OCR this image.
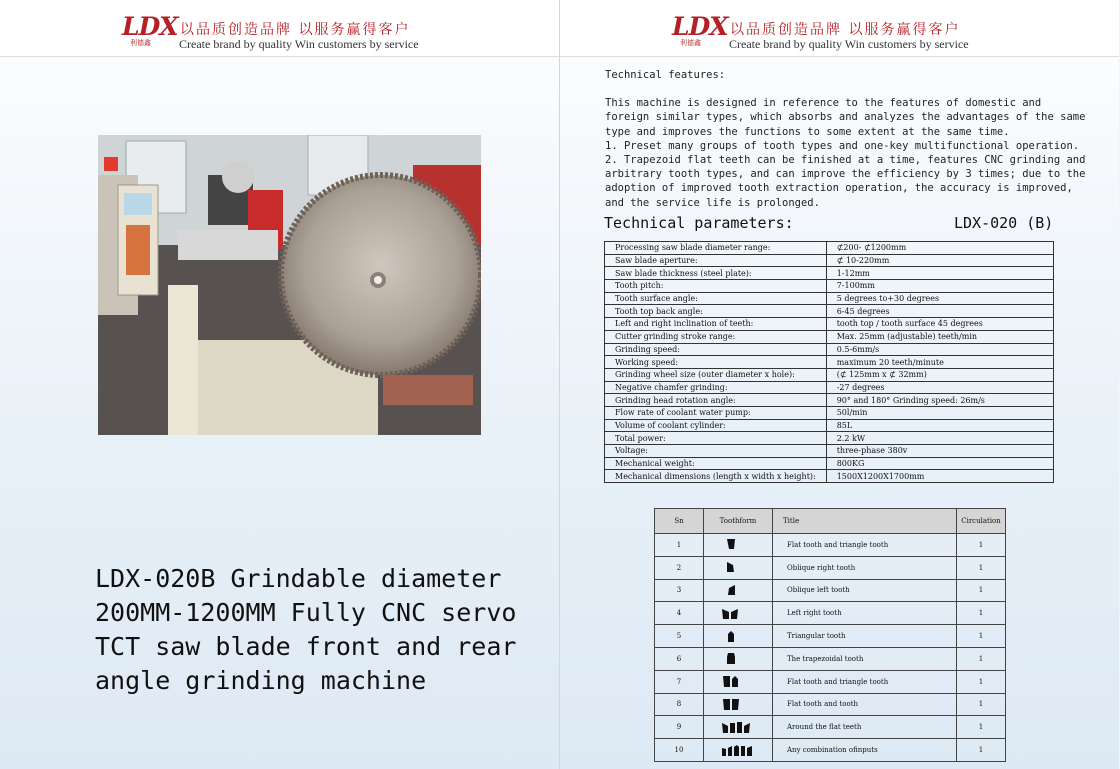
LDX
利德鑫
以品质创造品牌 以服务赢得客户
Create brand by quality Win customers by service
LDX-020B Grindable diameter
200MM-1200MM Fully CNC servo
TCT saw blade front and rear
angle grinding machine
LDX
利德鑫
以品质创造品牌 以服务赢得客户
Create brand by quality Win customers by service

Technical features:

This machine is designed in reference to the features of domestic and foreign similar types, which absorbs and analyzes the advantages of the same type and improves the functions to some extent at the same time.

1. Preset many groups of tooth types and one-key multifunctional operation.

2. Trapezoid flat teeth can be finished at a time, features CNC grinding and arbitrary tooth types, and can improve the efficiency by 3 times; due to the adoption of improved tooth extraction operation, the accuracy is improved, and the service life is prolonged.

Technical parameters:	LDX-020 (B)
Processing saw blade diameter range:	⊄200- ⊄1200mm
Saw blade aperture:	⊄ 10-220mm
Saw blade thickness (steel plate):	1-12mm
Tooth pitch:	7-100mm
Tooth surface angle:	5 degrees to+30 degrees
Tooth top back angle:	6-45 degrees
Left and right inclination of teeth:	tooth top / tooth surface 45 degrees
Cutter grinding stroke range:	Max. 25mm (adjustable) teeth/min
Grinding speed:	0.5-6mm/s
Working speed:	maximum 20 teeth/minute
Grinding wheel size (outer diameter x hole):	(⊄ 125mm x ⊄ 32mm)
Negative chamfer grinding:	-27 degrees
Grinding head rotation angle:	90° and 180° Grinding speed: 26m/s
Flow rate of coolant water pump:	50l/min
Volume of coolant cylinder:	85L
Total power:	2.2 kW
Voltage:	three-phase 380v
Mechanical weight:	800KG
Mechanical dimensions (length x width x height):	1500X1200X1700mm
Sn	Toothform	Title	Circulation
1		Flat tooth and triangle tooth	1
2		Oblique right tooth	1
3		Oblique left tooth	1
4		Left right tooth	1
5		Triangular tooth	1
6		The trapezoidal tooth	1
7		Flat tooth and triangle tooth	1
8		Flat tooth and tooth	1
9		Around the flat teeth	1
10		Any combination ofinputs	1
